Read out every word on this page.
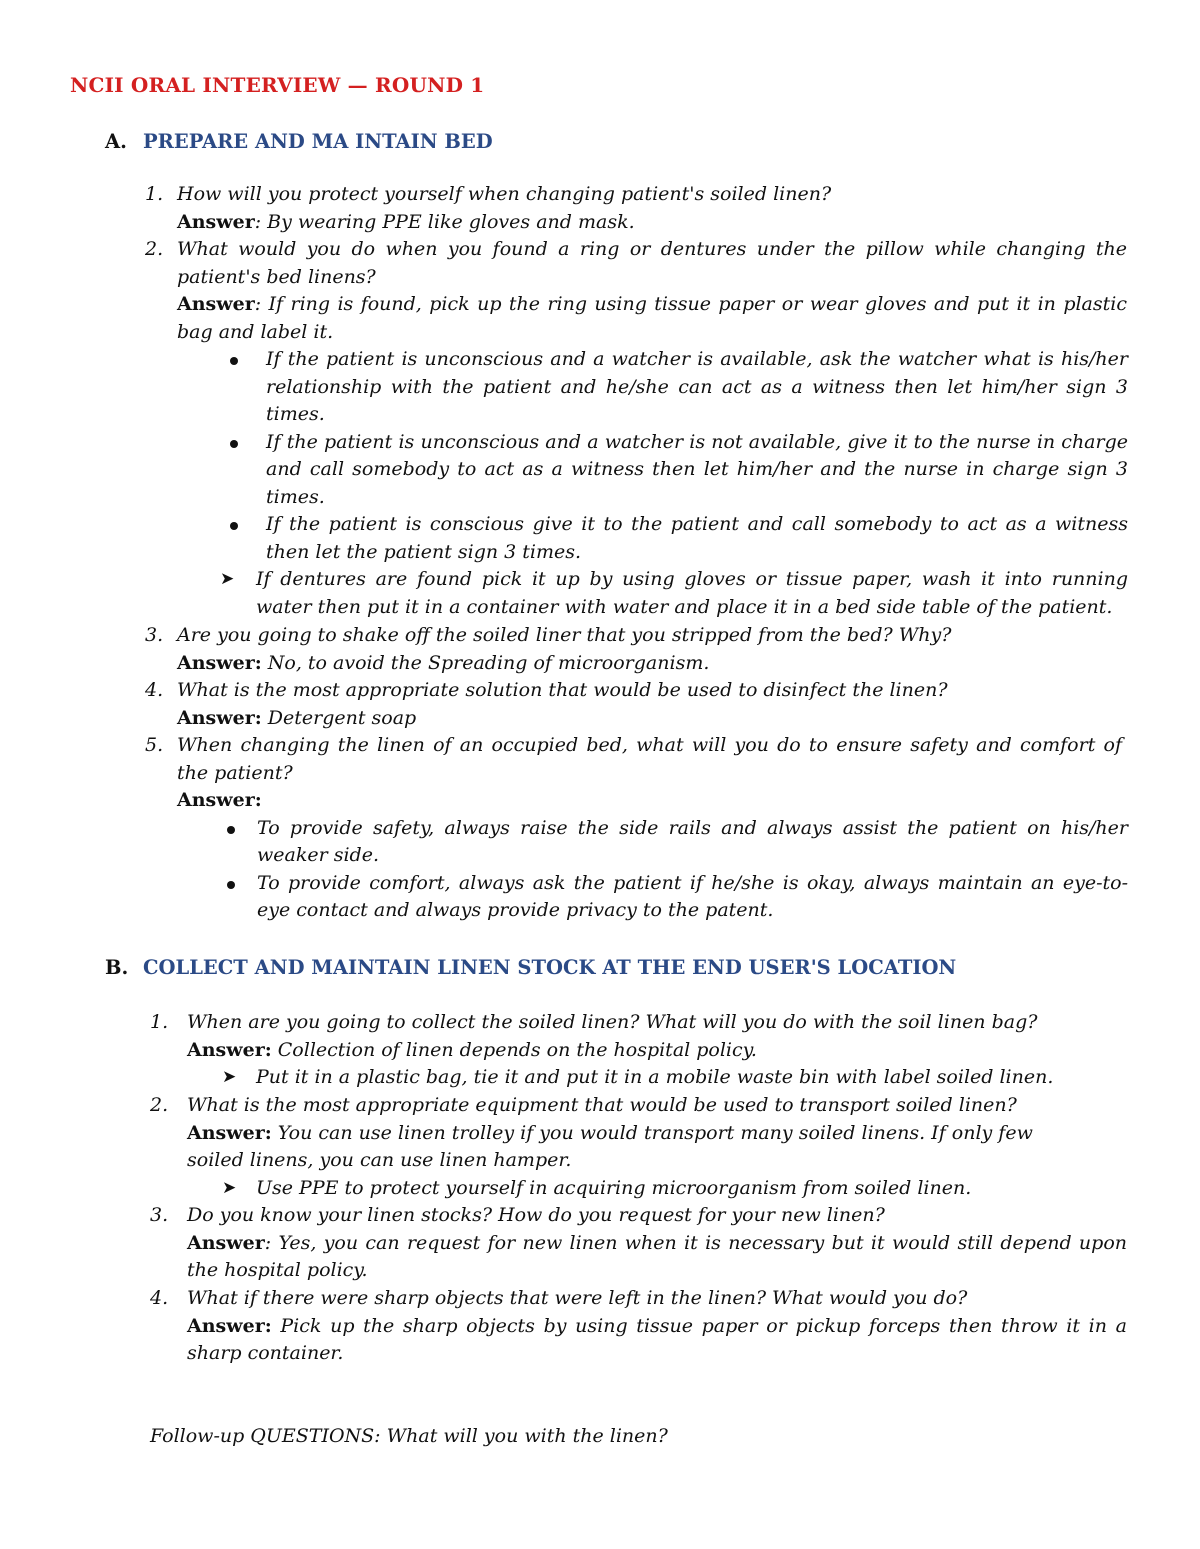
NCII ORAL INTERVIEW — ROUND 1
A. PREPARE AND MA INTAIN BED
1. How will you protect yourself when changing patient's soiled linen?
Answer: By wearing PPE like gloves and mask.
2. What would you do when you found a ring or dentures under the pillow while changing the patient's bed linens?
Answer: If ring is found, pick up the ring using tissue paper or wear gloves and put it in plastic bag and label it.
If the patient is unconscious and a watcher is available, ask the watcher what is his/her relationship with the patient and he/she can act as a witness then let him/her sign 3 times.
If the patient is unconscious and a watcher is not available, give it to the nurse in charge and call somebody to act as a witness then let him/her and the nurse in charge sign 3 times.
If the patient is conscious give it to the patient and call somebody to act as a witness then let the patient sign 3 times.
➤ If dentures are found pick it up by using gloves or tissue paper, wash it into running water then put it in a container with water and place it in a bed side table of the patient.
3. Are you going to shake off the soiled liner that you stripped from the bed? Why?
Answer: No, to avoid the Spreading of microorganism.
4. What is the most appropriate solution that would be used to disinfect the linen?
Answer: Detergent soap
5. When changing the linen of an occupied bed, what will you do to ensure safety and comfort of the patient?
Answer:
To provide safety, always raise the side rails and always assist the patient on his/her weaker side.
To provide comfort, always ask the patient if he/she is okay, always maintain an eye-to-eye contact and always provide privacy to the patent.
B. COLLECT AND MAINTAIN LINEN STOCK AT THE END USER'S LOCATION
1. When are you going to collect the soiled linen? What will you do with the soil linen bag?
Answer: Collection of linen depends on the hospital policy.
➤ Put it in a plastic bag, tie it and put it in a mobile waste bin with label soiled linen.
2. What is the most appropriate equipment that would be used to transport soiled linen?
Answer: You can use linen trolley if you would transport many soiled linens. If only few soiled linens, you can use linen hamper.
➤ Use PPE to protect yourself in acquiring microorganism from soiled linen.
3. Do you know your linen stocks? How do you request for your new linen?
Answer: Yes, you can request for new linen when it is necessary but it would still depend upon the hospital policy.
4. What if there were sharp objects that were left in the linen? What would you do?
Answer: Pick up the sharp objects by using tissue paper or pickup forceps then throw it in a sharp container.
Follow-up QUESTIONS: What will you with the linen?
